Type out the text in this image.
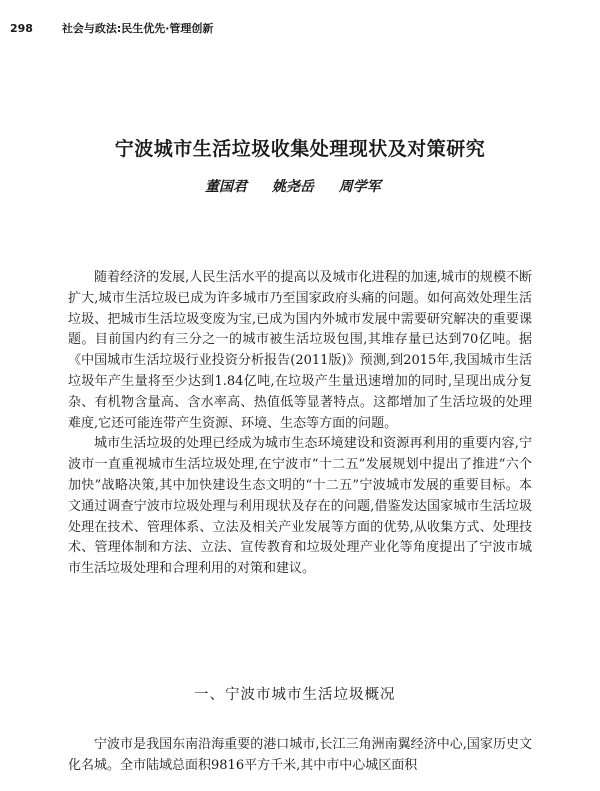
298	社会与政法:民生优先·管理创新
宁波城市生活垃圾收集处理现状及对策研究
董国君 姚尧岳 周学军

随着经济的发展,人民生活水平的提高以及城市化进程的加速,城市的规模不断扩大,城市生活垃圾已成为许多城市乃至国家政府头痛的问题。如何高效处理生活垃圾、把城市生活垃圾变废为宝,已成为国内外城市发展中需要研究解决的重要课题。目前国内约有三分之一的城市被生活垃圾包围,其堆存量已达到70亿吨。据《中国城市生活垃圾行业投资分析报告(2011版)》预测,到2015年,我国城市生活垃圾年产生量将至少达到1.84亿吨,在垃圾产生量迅速增加的同时,呈现出成分复杂、有机物含量高、含水率高、热值低等显著特点。这都增加了生活垃圾的处理难度,它还可能连带产生资源、环境、生态等方面的问题。

城市生活垃圾的处理已经成为城市生态环境建设和资源再利用的重要内容,宁波市一直重视城市生活垃圾处理,在宁波市“十二五”发展规划中提出了推进“六个加快”战略决策,其中加快建设生态文明的“十二五”宁波城市发展的重要目标。本文通过调查宁波市垃圾处理与利用现状及存在的问题,借鉴发达国家城市生活垃圾处理在技术、管理体系、立法及相关产业发展等方面的优势,从收集方式、处理技术、管理体制和方法、立法、宣传教育和垃圾处理产业化等角度提出了宁波市城市生活垃圾处理和合理利用的对策和建议。

一、宁波市城市生活垃圾概况

宁波市是我国东南沿海重要的港口城市,长江三角洲南翼经济中心,国家历史文化名城。全市陆域总面积9816平方千米,其中市中心城区面积
